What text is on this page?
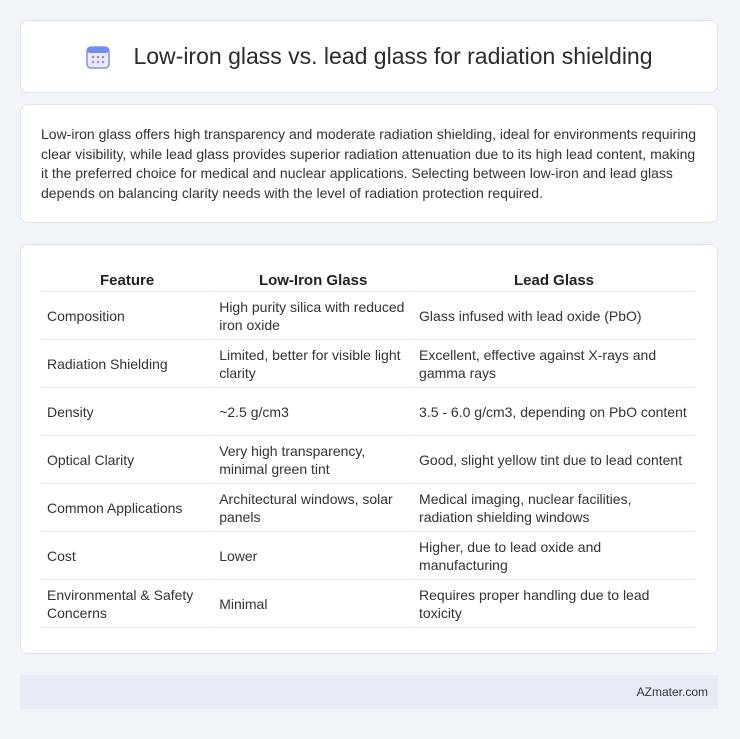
Low-iron glass vs. lead glass for radiation shielding

Low-iron glass offers high transparency and moderate radiation shielding, ideal for environments requiring clear visibility, while lead glass provides superior radiation attenuation due to its high lead content, making it the preferred choice for medical and nuclear applications. Selecting between low-iron and lead glass depends on balancing clarity needs with the level of radiation protection required.

Feature	Low-Iron Glass	Lead Glass
Composition	High purity silica with reduced iron oxide	Glass infused with lead oxide (PbO)
Radiation Shielding	Limited, better for visible light clarity	Excellent, effective against X-rays and gamma rays
Density	~2.5 g/cm3	3.5 - 6.0 g/cm3, depending on PbO content
Optical Clarity	Very high transparency, minimal green tint	Good, slight yellow tint due to lead content
Common Applications	Architectural windows, solar panels	Medical imaging, nuclear facilities, radiation shielding windows
Cost	Lower	Higher, due to lead oxide and manufacturing
Environmental & Safety Concerns	Minimal	Requires proper handling due to lead toxicity
AZmater.com
